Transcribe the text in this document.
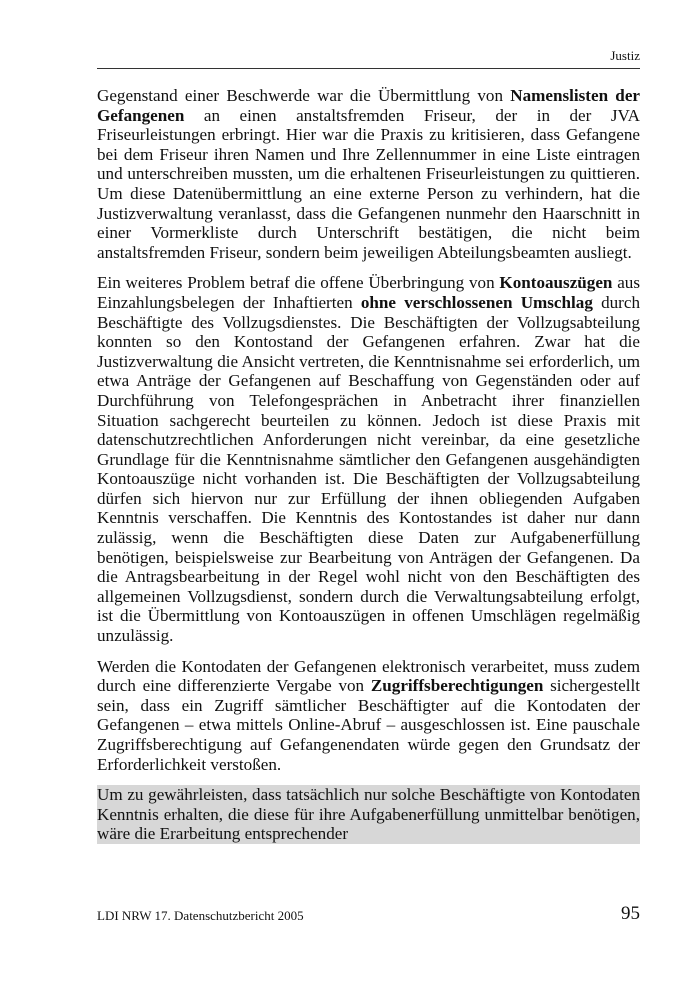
Justiz

Gegenstand einer Beschwerde war die Übermittlung von Namenslisten der Gefangenen an einen anstaltsfremden Friseur, der in der JVA Friseurleistungen erbringt. Hier war die Praxis zu kritisieren, dass Gefangene bei dem Friseur ihren Namen und Ihre Zellennummer in eine Liste eintragen und unterschreiben mussten, um die erhaltenen Friseurleistungen zu quittieren. Um diese Datenübermittlung an eine externe Person zu verhindern, hat die Justizverwaltung veranlasst, dass die Gefangenen nunmehr den Haarschnitt in einer Vormerkliste durch Unterschrift bestätigen, die nicht beim anstaltsfremden Friseur, sondern beim jeweiligen Abteilungsbeamten ausliegt.

Ein weiteres Problem betraf die offene Überbringung von Kontoauszügen aus Einzahlungsbelegen der Inhaftierten ohne verschlossenen Umschlag durch Beschäftigte des Vollzugsdienstes. Die Beschäftigten der Vollzugsabteilung konnten so den Kontostand der Gefangenen erfahren. Zwar hat die Justizverwaltung die Ansicht vertreten, die Kenntnisnahme sei erforderlich, um etwa Anträge der Gefangenen auf Beschaffung von Gegenständen oder auf Durchführung von Telefongesprächen in Anbetracht ihrer finanziellen Situation sachgerecht beurteilen zu können. Jedoch ist diese Praxis mit datenschutzrechtlichen Anforderungen nicht vereinbar, da eine gesetzliche Grundlage für die Kenntnisnahme sämtlicher den Gefangenen ausgehändigten Kontoauszüge nicht vorhanden ist. Die Beschäftigten der Vollzugsabteilung dürfen sich hiervon nur zur Erfüllung der ihnen obliegenden Aufgaben Kenntnis verschaffen. Die Kenntnis des Kontostandes ist daher nur dann zulässig, wenn die Beschäftigten diese Daten zur Aufgabenerfüllung benötigen, beispielsweise zur Bearbeitung von Anträgen der Gefangenen. Da die Antragsbearbeitung in der Regel wohl nicht von den Beschäftigten des allgemeinen Vollzugsdienst, sondern durch die Verwaltungsabteilung erfolgt, ist die Übermittlung von Kontoauszügen in offenen Umschlägen regelmäßig unzulässig.

Werden die Kontodaten der Gefangenen elektronisch verarbeitet, muss zudem durch eine differenzierte Vergabe von Zugriffsberechtigungen sichergestellt sein, dass ein Zugriff sämtlicher Beschäftigter auf die Kontodaten der Gefangenen – etwa mittels Online-Abruf – ausgeschlossen ist. Eine pauschale Zugriffsberechtigung auf Gefangenendaten würde gegen den Grundsatz der Erforderlichkeit verstoßen.

Um zu gewährleisten, dass tatsächlich nur solche Beschäftigte von Kontodaten Kenntnis erhalten, die diese für ihre Aufgabenerfüllung unmittelbar benötigen, wäre die Erarbeitung entsprechender

LDI NRW 17. Datenschutzbericht 2005	95
